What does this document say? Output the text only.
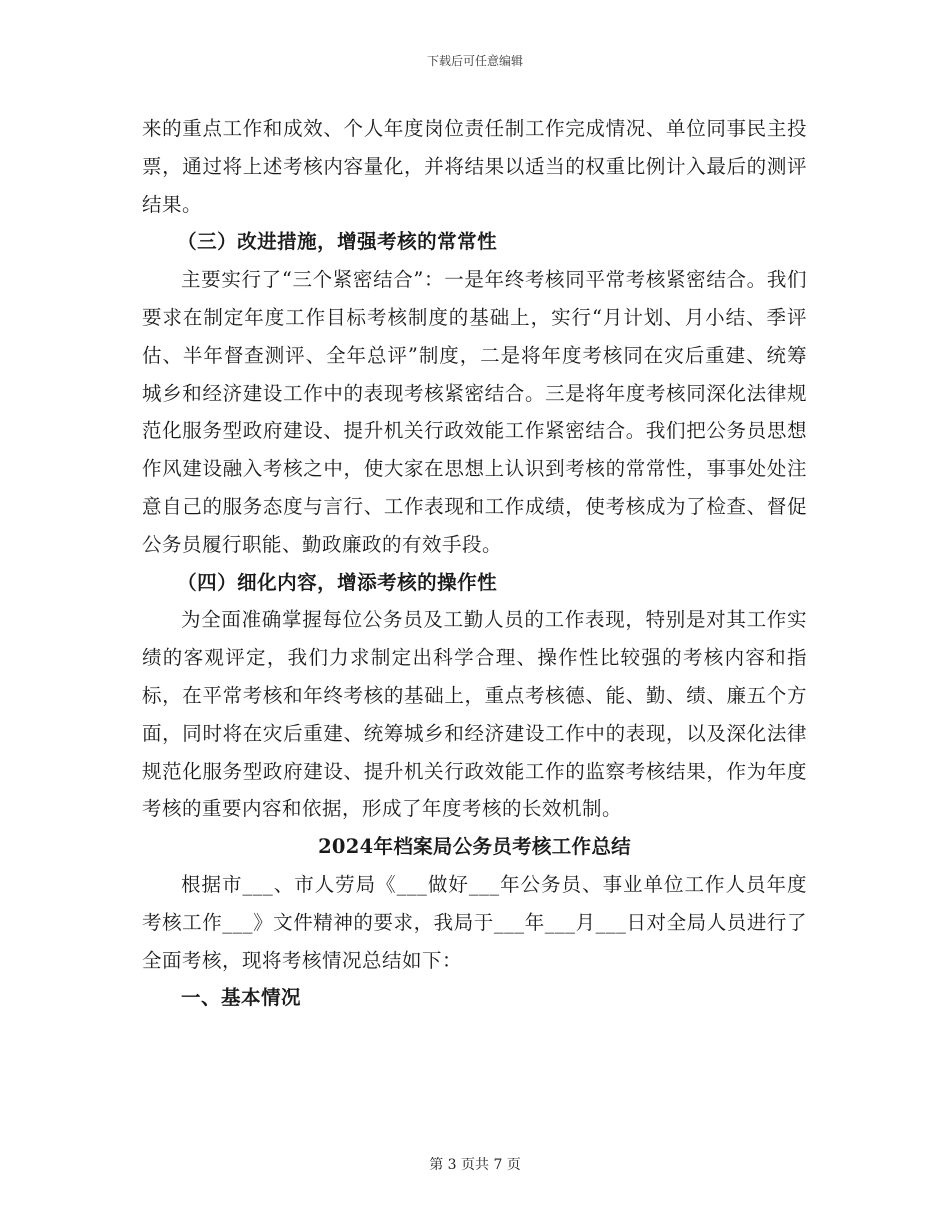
下载后可任意编辑

来的重点工作和成效、个人年度岗位责任制工作完成情况、单位同事民主投票，通过将上述考核内容量化，并将结果以适当的权重比例计入最后的测评结果。

（三）改进措施，增强考核的常常性

主要实行了“三个紧密结合”：一是年终考核同平常考核紧密结合。我们要求在制定年度工作目标考核制度的基础上，实行“月计划、月小结、季评估、半年督查测评、全年总评”制度，二是将年度考核同在灾后重建、统筹城乡和经济建设工作中的表现考核紧密结合。三是将年度考核同深化法律规范化服务型政府建设、提升机关行政效能工作紧密结合。我们把公务员思想作风建设融入考核之中，使大家在思想上认识到考核的常常性，事事处处注意自己的服务态度与言行、工作表现和工作成绩，使考核成为了检查、督促公务员履行职能、勤政廉政的有效手段。

（四）细化内容，增添考核的操作性

为全面准确掌握每位公务员及工勤人员的工作表现，特别是对其工作实绩的客观评定，我们力求制定出科学合理、操作性比较强的考核内容和指标，在平常考核和年终考核的基础上，重点考核德、能、勤、绩、廉五个方面，同时将在灾后重建、统筹城乡和经济建设工作中的表现，以及深化法律规范化服务型政府建设、提升机关行政效能工作的监察考核结果，作为年度考核的重要内容和依据，形成了年度考核的长效机制。

2024年档案局公务员考核工作总结

根据市___、市人劳局《___做好___年公务员、事业单位工作人员年度考核工作___》文件精神的要求，我局于___年___月___日对全局人员进行了全面考核，现将考核情况总结如下：

一、基本情况

第 3 页共 7 页
